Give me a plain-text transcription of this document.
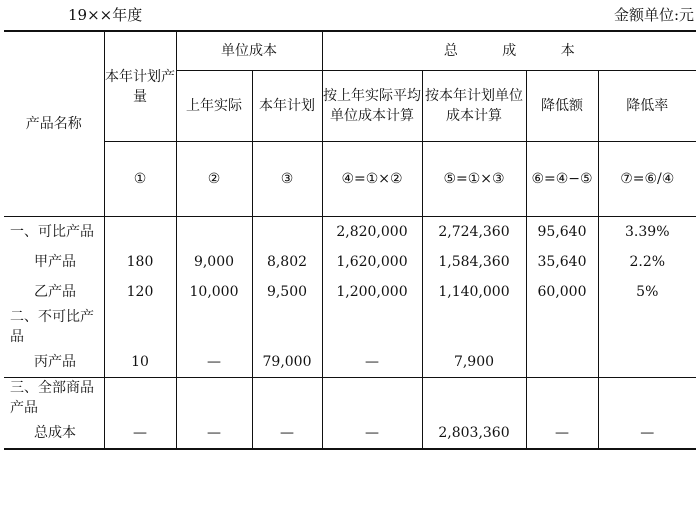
19××年度	金额单位:元
产品名称	本年计划产量	单位成本		总 成 本			
		上年实际	本年计划	按上年实际平均单位成本计算	按本年计划单位成本计算	降低额	降低率
	①	②	③	④=①×②	⑤=①×③	⑥=④−⑤	⑦=⑥/④
一、可比产品				2,820,000	2,724,360	95,640	3.39%
甲产品	180	9,000	8,802	1,620,000	1,584,360	35,640	2.2%
乙产品	120	10,000	9,500	1,200,000	1,140,000	60,000	5%
二、不可比产品							
丙产品	10	—	79,000	—	7,900		
三、全部商品产品							
总成本	—	—	—	—	2,803,360	—	—
